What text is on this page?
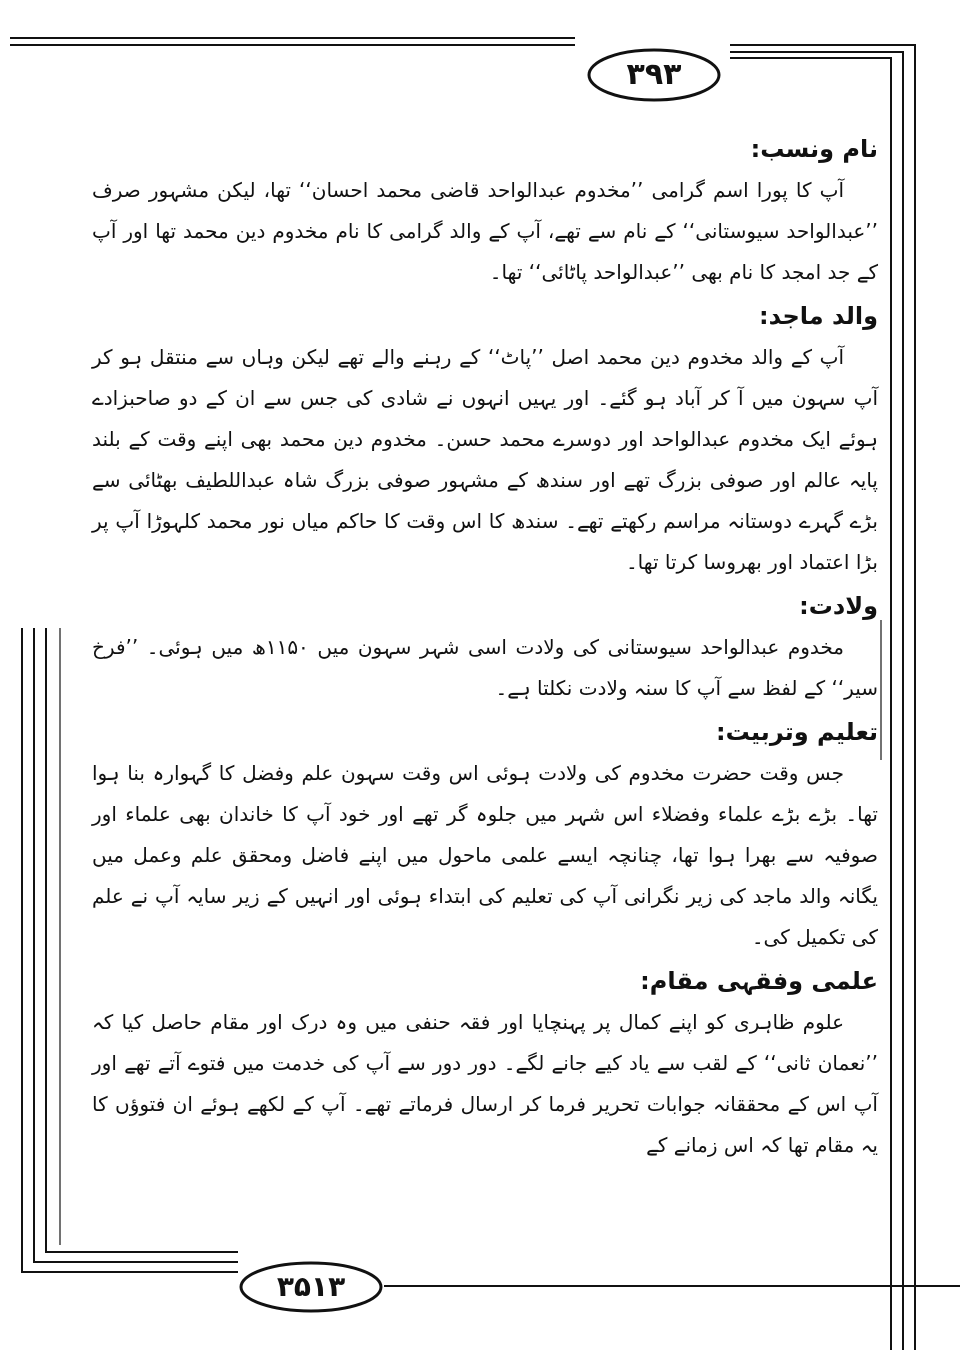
۳۹۳
۳۵۱۳
نام ونسب:

آپ کا پورا اسم گرامی ’’مخدوم عبدالواحد قاضی محمد احسان‘‘ تھا، لیکن مشہور صرف ’’عبدالواحد سیوستانی‘‘ کے نام سے تھے، آپ کے والد گرامی کا نام مخدوم دین محمد تھا اور آپ کے جد امجد کا نام بھی ’’عبدالواحد پاٹائی‘‘ تھا۔

والد ماجد:

آپ کے والد مخدوم دین محمد اصل ’’پاٹ‘‘ کے رہنے والے تھے لیکن وہاں سے منتقل ہو کر آپ سہون میں آ کر آباد ہو گئے۔ اور یہیں انہوں نے شادی کی جس سے ان کے دو صاحبزادے ہوئے ایک مخدوم عبدالواحد اور دوسرے محمد حسن۔ مخدوم دین محمد بھی اپنے وقت کے بلند پایہ عالم اور صوفی بزرگ تھے اور سندھ کے مشہور صوفی بزرگ شاہ عبداللطیف بھٹائی سے بڑے گہرے دوستانہ مراسم رکھتے تھے۔ سندھ کا اس وقت کا حاکم میاں نور محمد کلہوڑا آپ پر بڑا اعتماد اور بھروسا کرتا تھا۔

ولادت:

مخدوم عبدالواحد سیوستانی کی ولادت اسی شہر سہون میں ۱۱۵۰ھ میں ہوئی۔ ’’فرخ سیر‘‘ کے لفظ سے آپ کا سنہ ولادت نکلتا ہے۔

تعلیم وتربیت:

جس وقت حضرت مخدوم کی ولادت ہوئی اس وقت سہون علم وفضل کا گہوارہ بنا ہوا تھا۔ بڑے بڑے علماء وفضلاء اس شہر میں جلوہ گر تھے اور خود آپ کا خاندان بھی علماء اور صوفیہ سے بھرا ہوا تھا، چنانچہ ایسے علمی ماحول میں اپنے فاضل ومحقق علم وعمل میں یگانہ والد ماجد کی زیر نگرانی آپ کی تعلیم کی ابتداء ہوئی اور انہیں کے زیر سایہ آپ نے علم کی تکمیل کی۔

علمی وفقہی مقام:

علوم ظاہری کو اپنے کمال پر پہنچایا اور فقہ حنفی میں وہ درک اور مقام حاصل کیا کہ ’’نعمان ثانی‘‘ کے لقب سے یاد کیے جانے لگے۔ دور دور سے آپ کی خدمت میں فتوے آتے تھے اور آپ اس کے محققانہ جوابات تحریر فرما کر ارسال فرماتے تھے۔ آپ کے لکھے ہوئے ان فتوؤں کا یہ مقام تھا کہ اس زمانے کے
